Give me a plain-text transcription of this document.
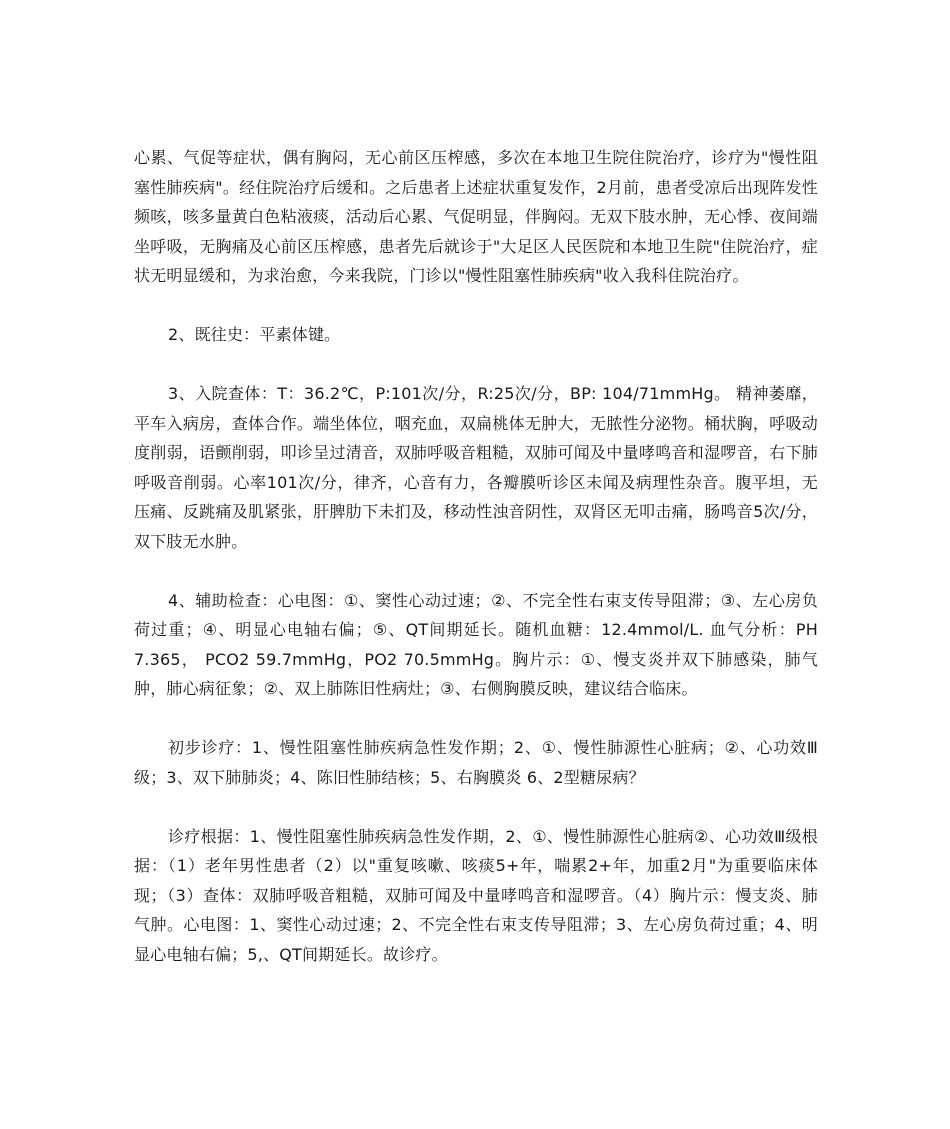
心累、气促等症状，偶有胸闷，无心前区压榨感，多次在本地卫生院住院治疗，诊疗为"慢性阻塞性肺疾病"。经住院治疗后缓和。之后患者上述症状重复发作，2月前，患者受凉后出现阵发性频咳，咳多量黄白色粘液痰，活动后心累、气促明显，伴胸闷。无双下肢水肿，无心悸、夜间端坐呼吸，无胸痛及心前区压榨感，患者先后就诊于"大足区人民医院和本地卫生院"住院治疗，症状无明显缓和，为求治愈，今来我院，门诊以"慢性阻塞性肺疾病"收入我科住院治疗。

2、既往史：平素体键。

3、入院查体：T：36.2℃，P:101次/分，R:25次/分，BP: 104/71mmHg。 精神萎靡，平车入病房，查体合作。端坐体位，咽充血，双扁桃体无肿大，无脓性分泌物。桶状胸，呼吸动度削弱，语颤削弱，叩诊呈过清音，双肺呼吸音粗糙，双肺可闻及中量哮鸣音和湿啰音，右下肺呼吸音削弱。心率101次/分，律齐，心音有力，各瓣膜听诊区未闻及病理性杂音。腹平坦，无压痛、反跳痛及肌紧张，肝脾肋下未扪及，移动性浊音阴性，双肾区无叩击痛，肠鸣音5次/分，双下肢无水肿。

4、辅助检查：心电图：①、窦性心动过速；②、不完全性右束支传导阻滞；③、左心房负荷过重；④、明显心电轴右偏；⑤、QT间期延长。随机血糖：12.4mmol/L. 血气分析：PH 7.365， PCO2 59.7mmHg，PO2 70.5mmHg。胸片示：①、慢支炎并双下肺感染，肺气肿，肺心病征象；②、双上肺陈旧性病灶；③、右侧胸膜反映，建议结合临床。

初步诊疗：1、慢性阻塞性肺疾病急性发作期；2、①、慢性肺源性心脏病；②、心功效Ⅲ级；3、双下肺肺炎；4、陈旧性肺结核；5、右胸膜炎 6、2型糖尿病？

诊疗根据：1、慢性阻塞性肺疾病急性发作期，2、①、慢性肺源性心脏病②、心功效Ⅲ级根据：（1）老年男性患者（2）以"重复咳嗽、咳痰5+年，喘累2+年，加重2月"为重要临床体现；（3）查体：双肺呼吸音粗糙，双肺可闻及中量哮鸣音和湿啰音。（4）胸片示：慢支炎、肺气肿。心电图：1、窦性心动过速；2、不完全性右束支传导阻滞；3、左心房负荷过重；4、明显心电轴右偏；5,、QT间期延长。故诊疗。
